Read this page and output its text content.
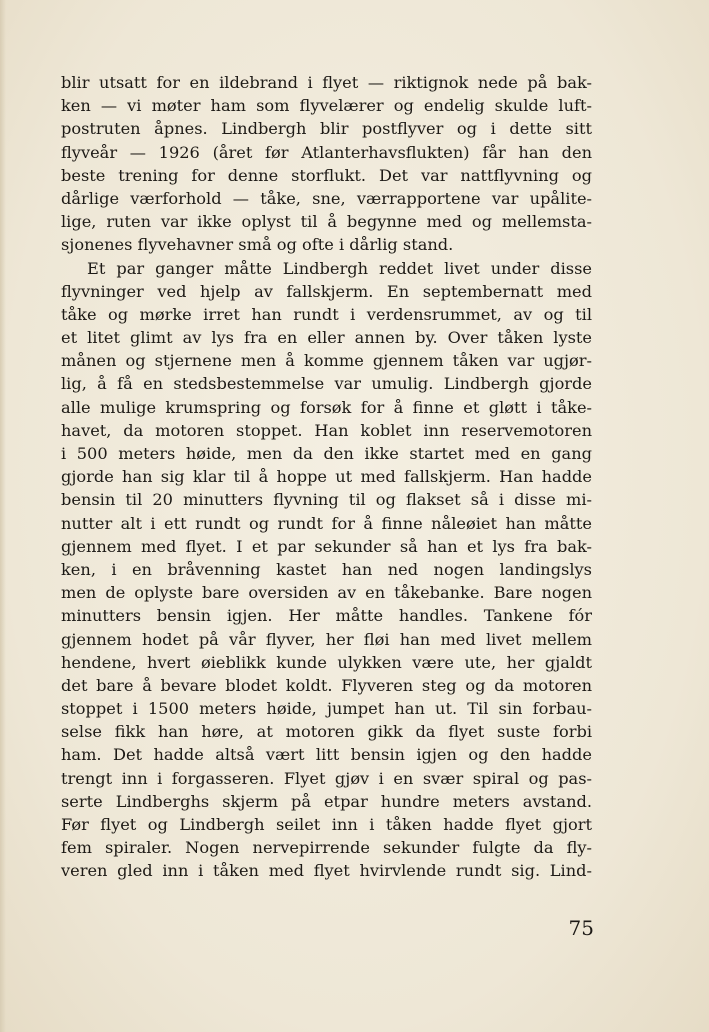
blir utsatt for en ildebrand i flyet — riktignok nede på bak-
ken — vi møter ham som flyvelærer og endelig skulde luft-
postruten åpnes. Lindbergh blir postflyver og i dette sitt
flyveår — 1926 (året før Atlanterhavsflukten) får han den
beste trening for denne storflukt. Det var nattflyvning og
dårlige værforhold — tåke, sne, værrapportene var upålite-
lige, ruten var ikke oplyst til å begynne med og mellemsta-
sjonenes flyvehavner små og ofte i dårlig stand.
Et par ganger måtte Lindbergh reddet livet under disse
flyvninger ved hjelp av fallskjerm. En septembernatt med
tåke og mørke irret han rundt i verdensrummet, av og til
et litet glimt av lys fra en eller annen by. Over tåken lyste
månen og stjernene men å komme gjennem tåken var ugjør-
lig, å få en stedsbestemmelse var umulig. Lindbergh gjorde
alle mulige krumspring og forsøk for å finne et gløtt i tåke-
havet, da motoren stoppet. Han koblet inn reservemotoren
i 500 meters høide, men da den ikke startet med en gang
gjorde han sig klar til å hoppe ut med fallskjerm. Han hadde
bensin til 20 minutters flyvning til og flakset så i disse mi-
nutter alt i ett rundt og rundt for å finne nåleøiet han måtte
gjennem med flyet. I et par sekunder så han et lys fra bak-
ken, i en bråvenning kastet han ned nogen landingslys
men de oplyste bare oversiden av en tåkebanke. Bare nogen
minutters bensin igjen. Her måtte handles. Tankene fór
gjennem hodet på vår flyver, her fløi han med livet mellem
hendene, hvert øieblikk kunde ulykken være ute, her gjaldt
det bare å bevare blodet koldt. Flyveren steg og da motoren
stoppet i 1500 meters høide, jumpet han ut. Til sin forbau-
selse fikk han høre, at motoren gikk da flyet suste forbi
ham. Det hadde altså vært litt bensin igjen og den hadde
trengt inn i forgasseren. Flyet gjøv i en svær spiral og pas-
serte Lindberghs skjerm på etpar hundre meters avstand.
Før flyet og Lindbergh seilet inn i tåken hadde flyet gjort
fem spiraler. Nogen nervepirrende sekunder fulgte da fly-
veren gled inn i tåken med flyet hvirvlende rundt sig. Lind-
75
